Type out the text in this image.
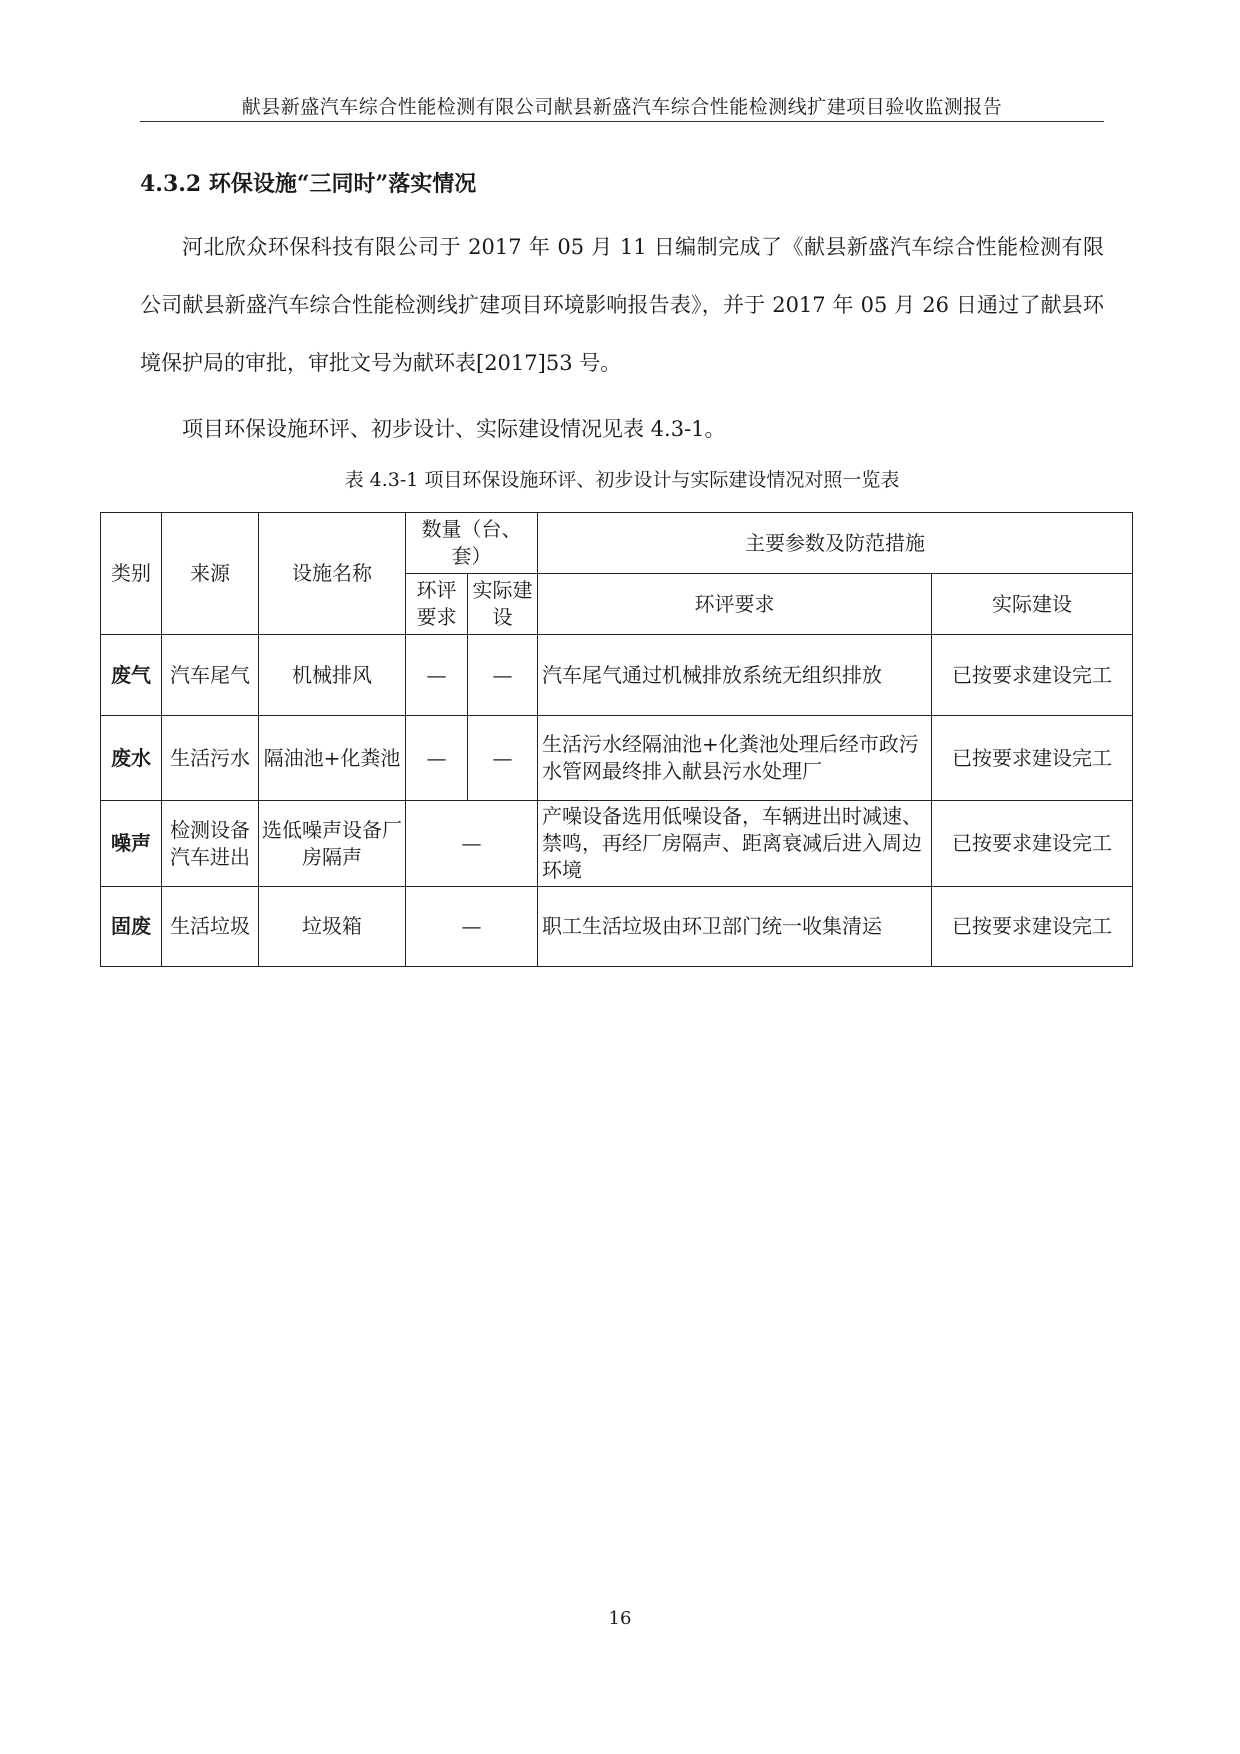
献县新盛汽车综合性能检测有限公司献县新盛汽车综合性能检测线扩建项目验收监测报告
4.3.2 环保设施“三同时”落实情况
河北欣众环保科技有限公司于 2017 年 05 月 11 日编制完成了《献县新盛汽车综合性能检测有限公司献县新盛汽车综合性能检测线扩建项目环境影响报告表》，并于 2017 年 05 月 26 日通过了献县环境保护局的审批，审批文号为献环表[2017]53 号。
项目环保设施环评、初步设计、实际建设情况见表 4.3-1。
表 4.3-1 项目环保设施环评、初步设计与实际建设情况对照一览表
类别	来源	设施名称	数量（台、套）		主要参数及防范措施	
			环评要求	实际建设	环评要求	实际建设
废气	汽车尾气	机械排风	—	—	汽车尾气通过机械排放系统无组织排放	已按要求建设完工
废水	生活污水	隔油池+化粪池	—	—	生活污水经隔油池+化粪池处理后经市政污水管网最终排入献县污水处理厂	已按要求建设完工
噪声	检测设备汽车进出	选低噪声设备厂房隔声	—		产噪设备选用低噪设备，车辆进出时减速、禁鸣，再经厂房隔声、距离衰减后进入周边环境	已按要求建设完工
固废	生活垃圾	垃圾箱	—		职工生活垃圾由环卫部门统一收集清运	已按要求建设完工
16
